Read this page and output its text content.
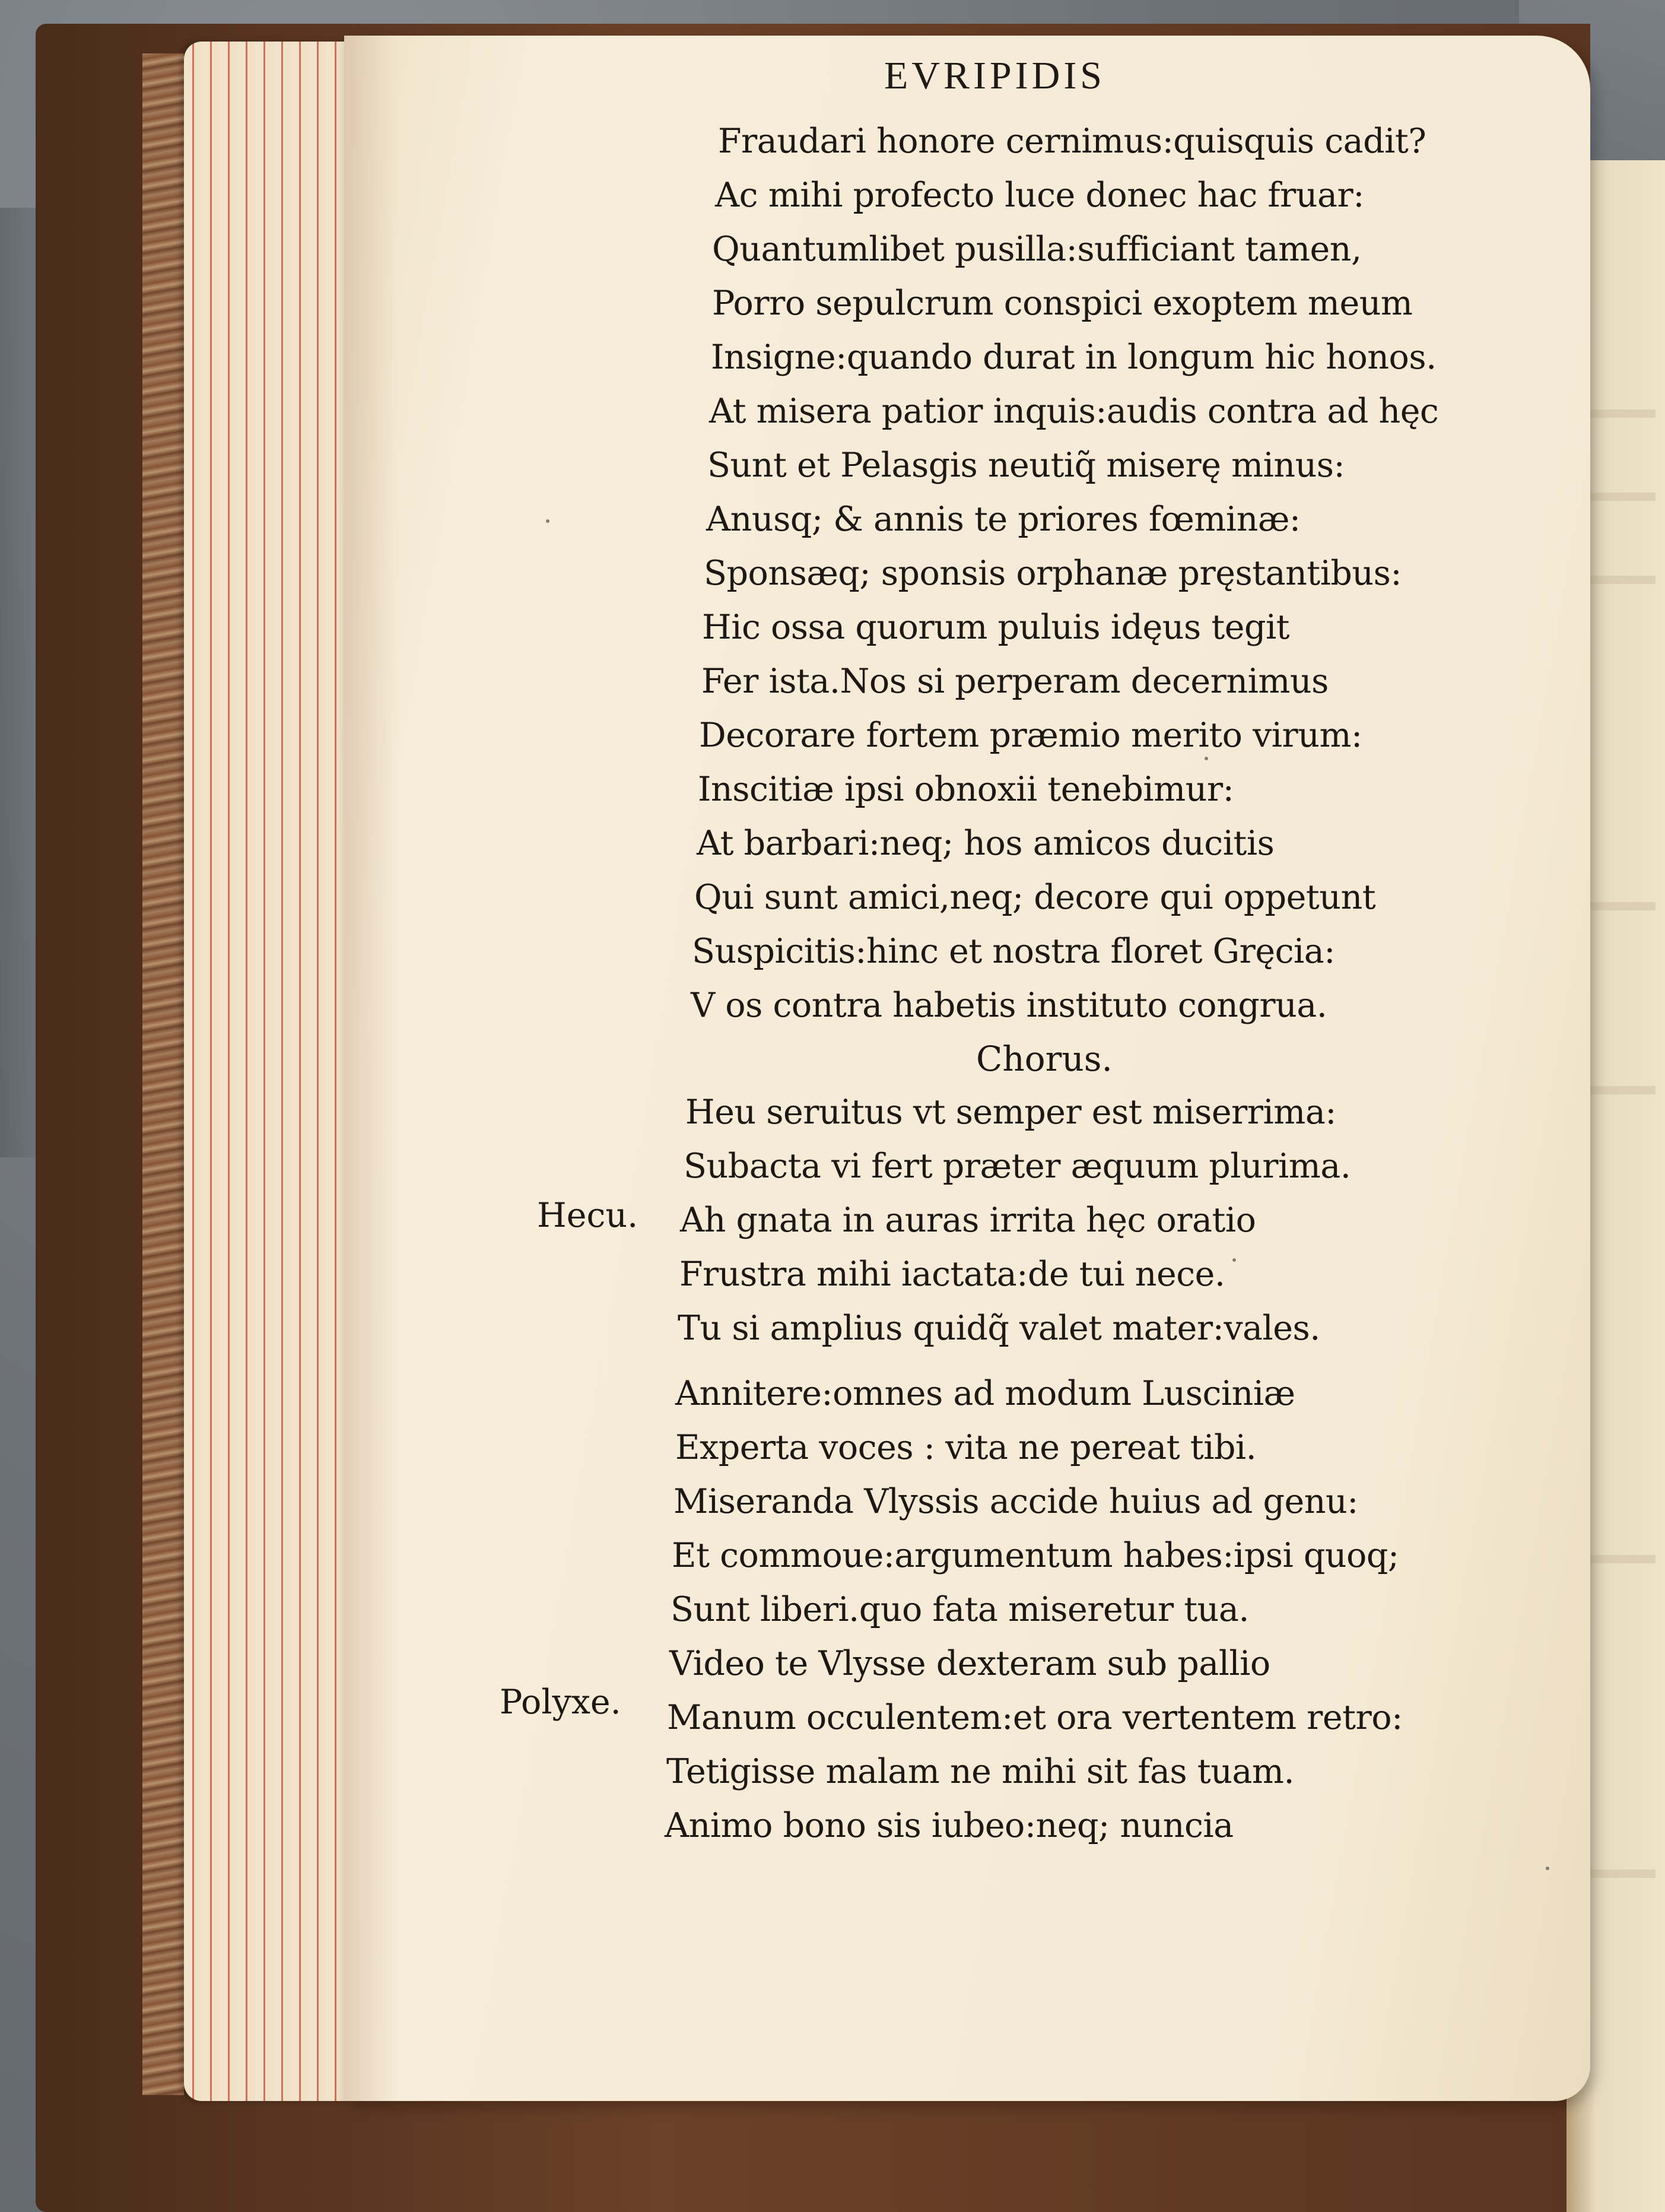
EVRIPIDIS
Fraudari honore cernimus:quisquis cadit?
Ac mihi profecto luce donec hac fruar:
Quantumlibet pusilla:sufficiant tamen,
Porro sepulcrum conspici exoptem meum
Insigne:quando durat in longum hic honos.
At misera patior inquis:audis contra ad hęc
Sunt et Pelasgis neutiq̃ miserę minus:
Anusq; & annis te priores fœminæ:
Sponsæq; sponsis orphanæ pręstantibus:
Hic ossa quorum puluis idęus tegit
Fer ista.Nos si perperam decernimus
Decorare fortem præmio merito virum:
Inscitiæ ipsi obnoxii tenebimur:
At barbari:neq; hos amicos ducitis
Qui sunt amici,neq; decore qui oppetunt
Suspicitis:hinc et nostra floret Gręcia:
V os contra habetis instituto congrua.
Chorus.
Heu seruitus vt semper est miserrima:
Subacta vi fert præter æquum plurima.
Hecu. Ah gnata in auras irrita hęc oratio
Frustra mihi iactata:de tui nece.
Tu si amplius quidq̃ valet mater:vales.
Annitere:omnes ad modum Lusciniæ
Experta voces : vita ne pereat tibi.
Miseranda Vlyssis accide huius ad genu:
Et commoue:argumentum habes:ipsi quoq;
Sunt liberi.quo fata miseretur tua.
Video te Vlysse dexteram sub pallio
Polyxe. Manum occulentem:et ora vertentem retro:
Tetigisse malam ne mihi sit fas tuam.
Animo bono sis iubeo:neq; nuncia
